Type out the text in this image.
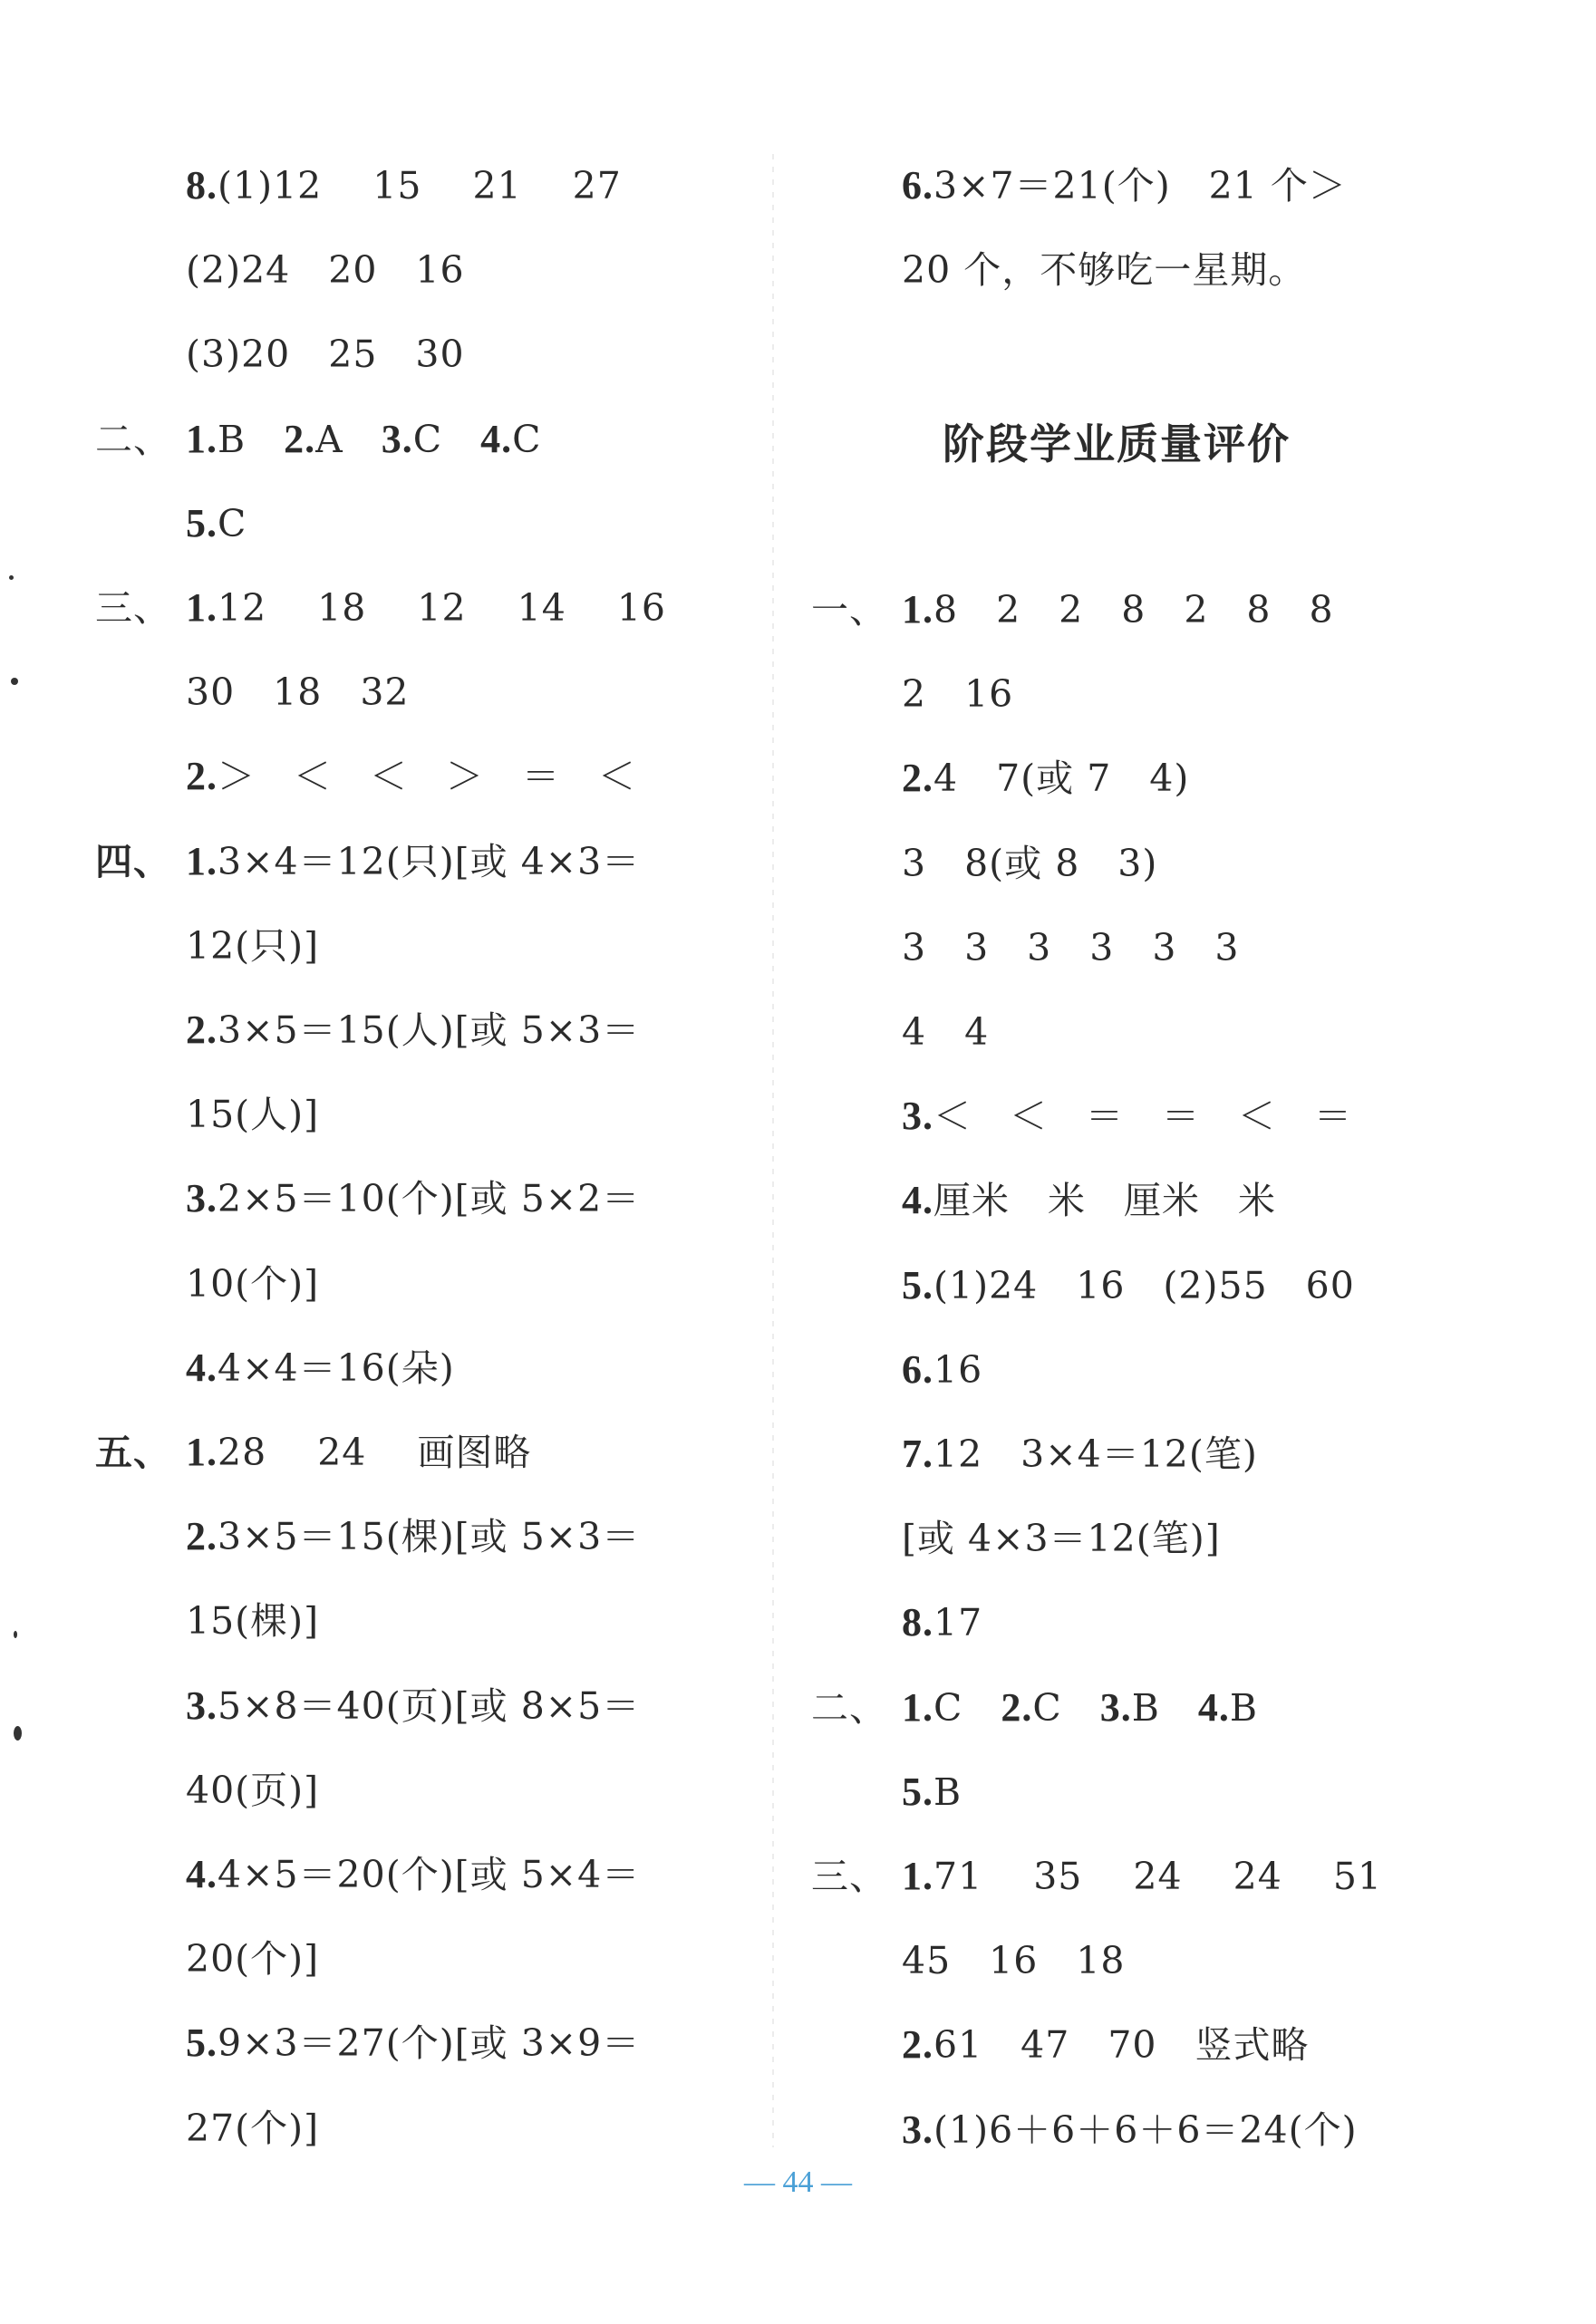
8.(1)12　 15　 21　 27
(2)24　20　16
(3)20　25　30
二、 1.B　2.A　3.C　4.C
5.C
三、 1.12　 18　 12　 14　 16
30　18　32
2.＞　＜　＜　＞　＝　＜
四、 1.3×4＝12(只)[或 4×3＝
12(只)]
2.3×5＝15(人)[或 5×3＝
15(人)]
3.2×5＝10(个)[或 5×2＝
10(个)]
4.4×4＝16(朵)
五、 1.28　 24　 画图略
2.3×5＝15(棵)[或 5×3＝
15(棵)]
3.5×8＝40(页)[或 8×5＝
40(页)]
4.4×5＝20(个)[或 5×4＝
20(个)]
5.9×3＝27(个)[或 3×9＝
27(个)]
6.3×7＝21(个)　21 个＞
20 个，不够吃一星期。
阶段学业质量评价
一、 1.8　2　2　8　2　8　8
2　16
2.4　7(或 7　4)
3　8(或 8　3)
3　3　3　3　3　3
4　4
3.＜　＜　＝　＝　＜　＝
4.厘米　米　厘米　米
5.(1)24　16　(2)55　60
6.16
7.12　3×4＝12(笔)
[或 4×3＝12(笔)]
8.17
二、 1.C　2.C　3.B　4.B
5.B
三、 1.71　 35　 24　 24　 51
45　16　18
2.61　47　70　竖式略
3.(1)6＋6＋6＋6＝24(个)
— 44 —
